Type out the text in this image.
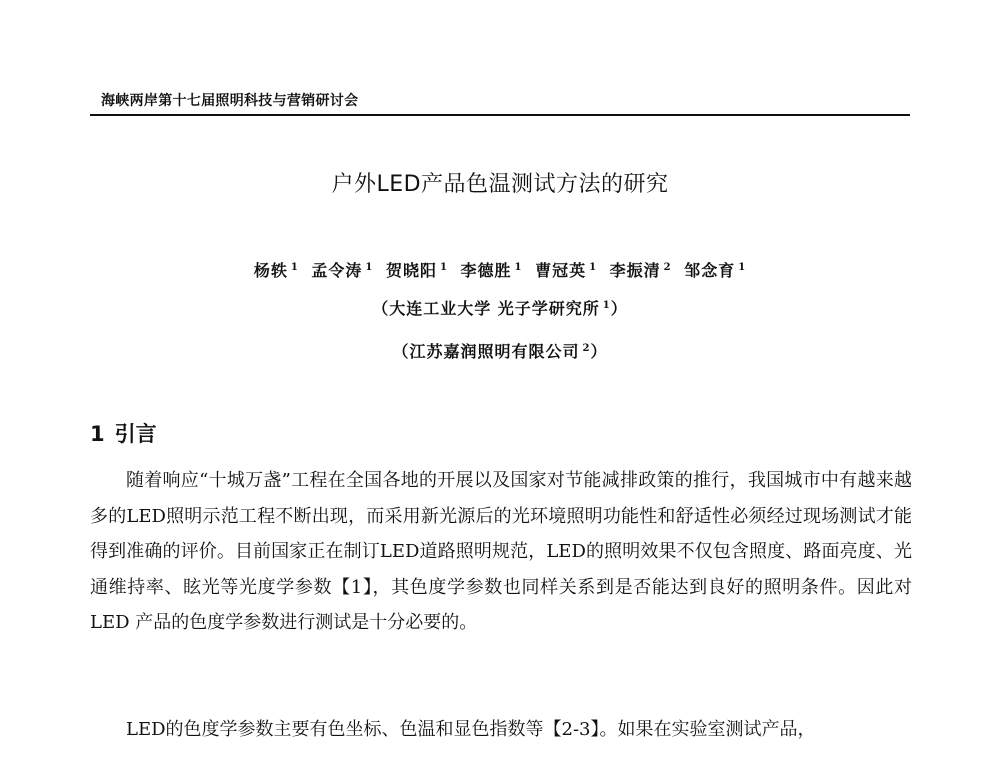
海峡两岸第十七届照明科技与营销研讨会
户外LED产品色温测试方法的研究
杨轶 $^1$ 孟令涛 $^1$ 贺晓阳 $^1$ 李德胜 $^1$ 曹冠英 $^1$ 李振清 $^2$ 邹念育 $^1$
（大连工业大学 光子学研究所 $^1$）
（江苏嘉润照明有限公司 $^2$）
1 引言

随着响应“十城万盏”工程在全国各地的开展以及国家对节能减排政策的推行，我国城市中有越来越多的LED照明示范工程不断出现，而采用新光源后的光环境照明功能性和舒适性必须经过现场测试才能得到准确的评价。目前国家正在制订LED道路照明规范，LED的照明效果不仅包含照度、路面亮度、光通维持率、眩光等光度学参数【1】，其色度学参数也同样关系到是否能达到良好的照明条件。因此对 LED 产品的色度学参数进行测试是十分必要的。

LED的色度学参数主要有色坐标、色温和显色指数等【2-3】。如果在实验室测试产品，
